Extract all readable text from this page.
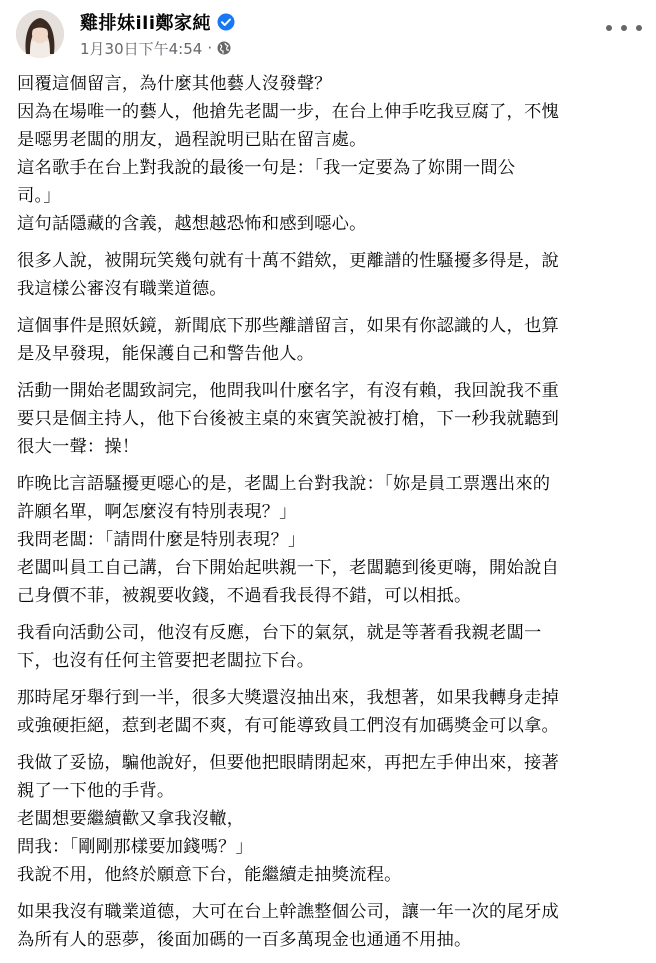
雞排妹ili鄭家純
1月30日下午4:54 ·
回覆這個留言，為什麼其他藝人沒發聲？
因為在場唯一的藝人，他搶先老闆一步，在台上伸手吃我豆腐了，不愧
是噁男老闆的朋友，過程說明已貼在留言處。
這名歌手在台上對我說的最後一句是：「我一定要為了妳開一間公
司。」
這句話隱藏的含義，越想越恐怖和感到噁心。
很多人說，被開玩笑幾句就有十萬不錯欸，更離譜的性騷擾多得是，說
我這樣公審沒有職業道德。
這個事件是照妖鏡，新聞底下那些離譜留言，如果有你認識的人，也算
是及早發現，能保護自己和警告他人。
活動一開始老闆致詞完，他問我叫什麼名字，有沒有賴，我回說我不重
要只是個主持人，他下台後被主桌的來賓笑說被打槍，下一秒我就聽到
很大一聲：操！
昨晚比言語騷擾更噁心的是，老闆上台對我說：「妳是員工票選出來的
許願名單，啊怎麼沒有特別表現？」
我問老闆：「請問什麼是特別表現？」
老闆叫員工自己講，台下開始起哄親一下，老闆聽到後更嗨，開始說自
己身價不菲，被親要收錢，不過看我長得不錯，可以相抵。
我看向活動公司，他沒有反應，台下的氣氛，就是等著看我親老闆一
下，也沒有任何主管要把老闆拉下台。
那時尾牙舉行到一半，很多大獎還沒抽出來，我想著，如果我轉身走掉
或強硬拒絕，惹到老闆不爽，有可能導致員工們沒有加碼獎金可以拿。
我做了妥協，騙他說好，但要他把眼睛閉起來，再把左手伸出來，接著
親了一下他的手背。
老闆想要繼續歡又拿我沒轍，
問我：「剛剛那樣要加錢嗎？」
我說不用，他終於願意下台，能繼續走抽獎流程。
如果我沒有職業道德，大可在台上幹譙整個公司，讓一年一次的尾牙成
為所有人的惡夢，後面加碼的一百多萬現金也通通不用抽。
